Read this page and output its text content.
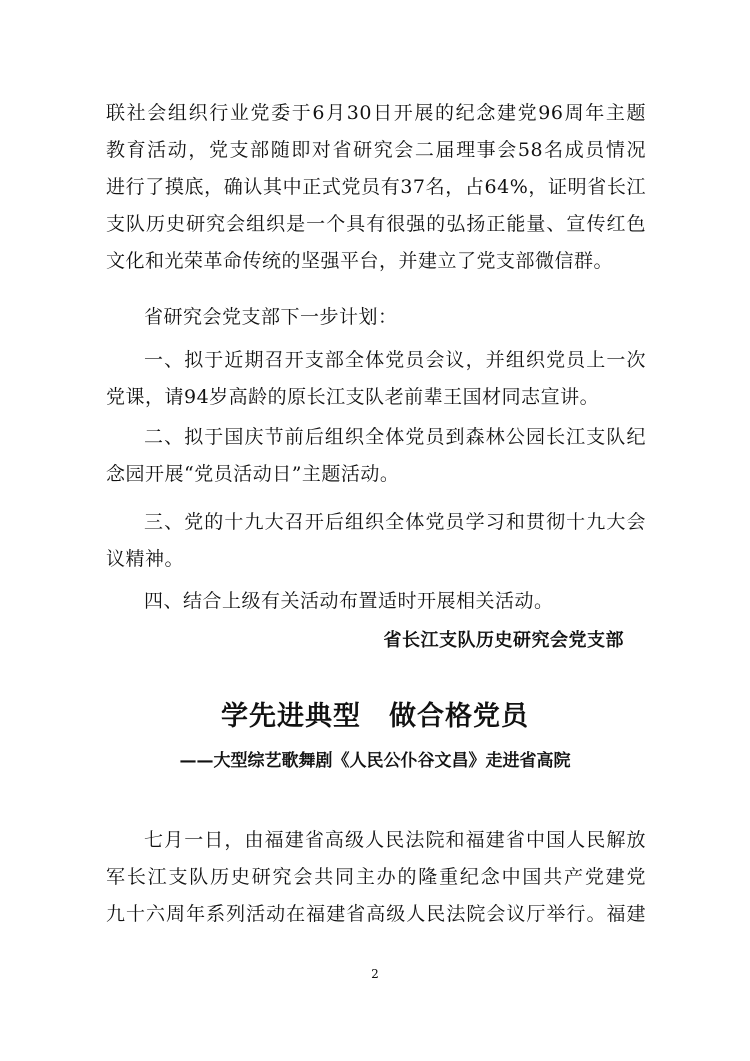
联社会组织行业党委于6月30日开展的纪念建党96周年主题
教育活动，党支部随即对省研究会二届理事会58名成员情况
进行了摸底，确认其中正式党员有37名，占64%，证明省长江
支队历史研究会组织是一个具有很强的弘扬正能量、宣传红色
文化和光荣革命传统的坚强平台，并建立了党支部微信群。
省研究会党支部下一步计划：
一、拟于近期召开支部全体党员会议，并组织党员上一次
党课，请94岁高龄的原长江支队老前辈王国材同志宣讲。
二、拟于国庆节前后组织全体党员到森林公园长江支队纪
念园开展“党员活动日”主题活动。
三、党的十九大召开后组织全体党员学习和贯彻十九大会
议精神。
四、结合上级有关活动布置适时开展相关活动。
省长江支队历史研究会党支部
学先进典型　做合格党员
——大型综艺歌舞剧《人民公仆谷文昌》走进省高院
七月一日，由福建省高级人民法院和福建省中国人民解放
军长江支队历史研究会共同主办的隆重纪念中国共产党建党
九十六周年系列活动在福建省高级人民法院会议厅举行。福建
2
